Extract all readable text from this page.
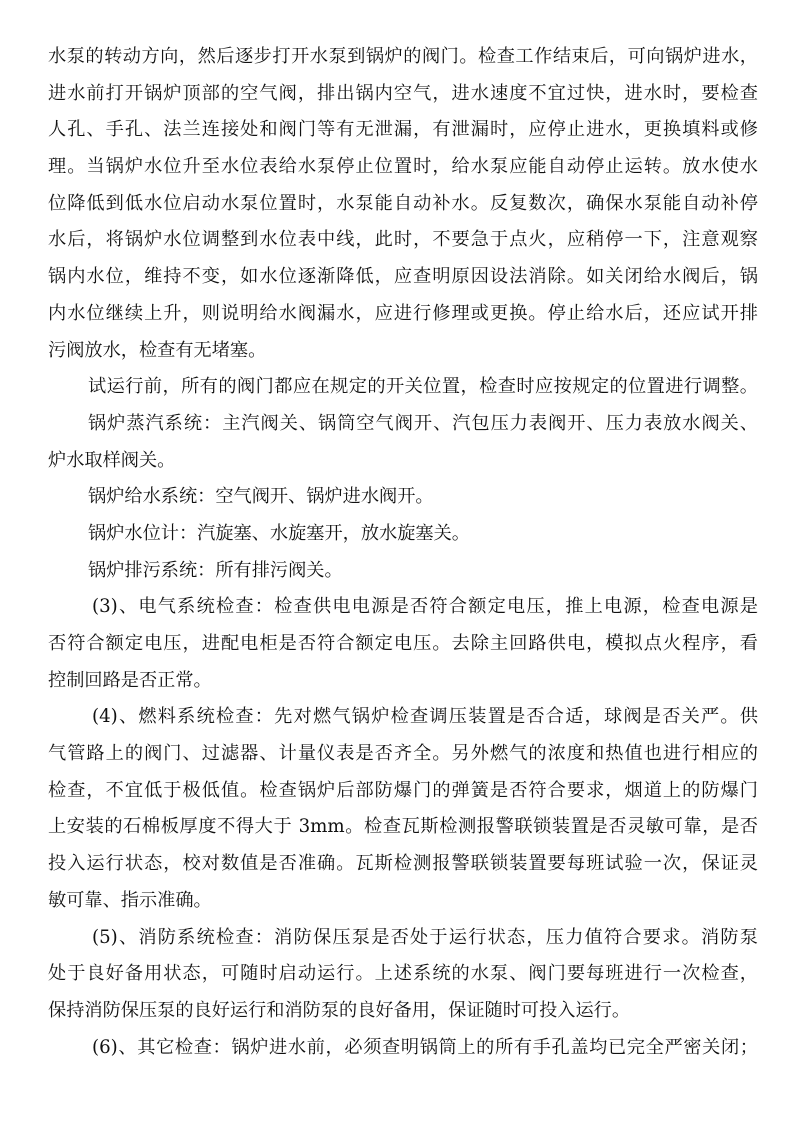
水泵的转动方向，然后逐步打开水泵到锅炉的阀门。检查工作结束后，可向锅炉进水，
进水前打开锅炉顶部的空气阀，排出锅内空气，进水速度不宜过快，进水时，要检查
人孔、手孔、法兰连接处和阀门等有无泄漏，有泄漏时，应停止进水，更换填料或修
理。当锅炉水位升至水位表给水泵停止位置时，给水泵应能自动停止运转。放水使水
位降低到低水位启动水泵位置时，水泵能自动补水。反复数次，确保水泵能自动补停
水后，将锅炉水位调整到水位表中线，此时，不要急于点火，应稍停一下，注意观察
锅内水位，维持不变，如水位逐渐降低，应查明原因设法消除。如关闭给水阀后，锅
内水位继续上升，则说明给水阀漏水，应进行修理或更换。停止给水后，还应试开排
污阀放水，检查有无堵塞。
试运行前，所有的阀门都应在规定的开关位置，检查时应按规定的位置进行调整。
锅炉蒸汽系统：主汽阀关、锅筒空气阀开、汽包压力表阀开、压力表放水阀关、
炉水取样阀关。
锅炉给水系统：空气阀开、锅炉进水阀开。
锅炉水位计：汽旋塞、水旋塞开，放水旋塞关。
锅炉排污系统：所有排污阀关。
(3)、电气系统检查：检查供电电源是否符合额定电压，推上电源，检查电源是
否符合额定电压，进配电柜是否符合额定电压。去除主回路供电，模拟点火程序，看
控制回路是否正常。
(4)、燃料系统检查：先对燃气锅炉检查调压装置是否合适，球阀是否关严。供
气管路上的阀门、过滤器、计量仪表是否齐全。另外燃气的浓度和热值也进行相应的
检查，不宜低于极低值。检查锅炉后部防爆门的弹簧是否符合要求，烟道上的防爆门
上安装的石棉板厚度不得大于 3mm。检查瓦斯检测报警联锁装置是否灵敏可靠，是否
投入运行状态，校对数值是否准确。瓦斯检测报警联锁装置要每班试验一次，保证灵
敏可靠、指示准确。
(5)、消防系统检查：消防保压泵是否处于运行状态，压力值符合要求。消防泵
处于良好备用状态，可随时启动运行。上述系统的水泵、阀门要每班进行一次检查，
保持消防保压泵的良好运行和消防泵的良好备用，保证随时可投入运行。
(6)、其它检查：锅炉进水前，必须查明锅筒上的所有手孔盖均已完全严密关闭；
